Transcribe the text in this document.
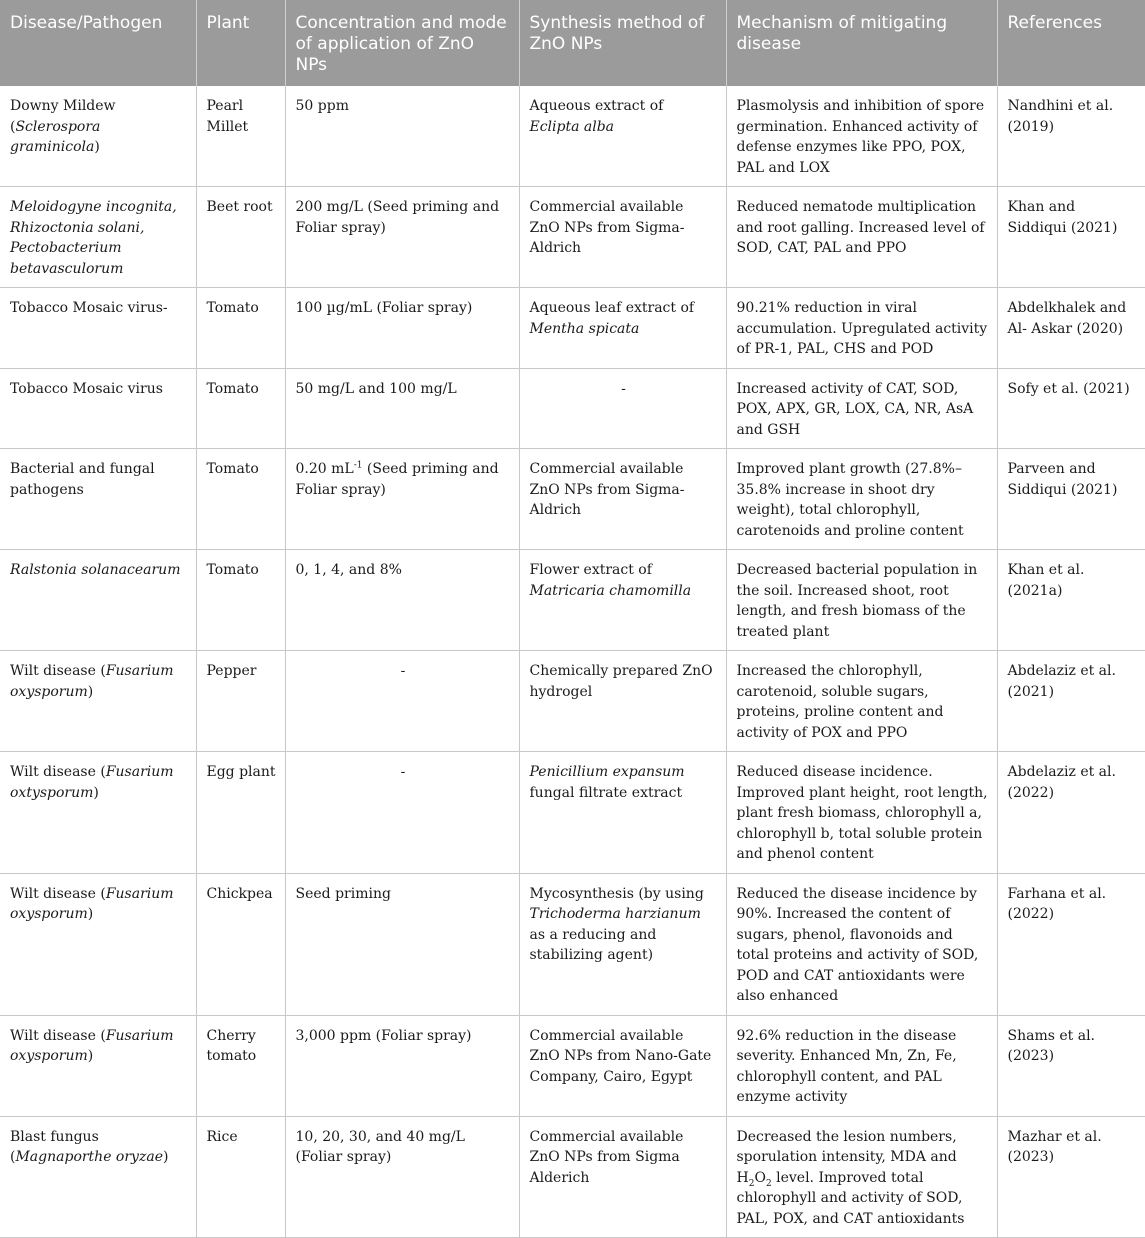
Disease/Pathogen	Plant	Concentration and mode of application of ZnO NPs	Synthesis method of ZnO NPs	Mechanism of mitigating disease	References
Downy Mildew (Sclerospora graminicola)	Pearl Millet	50 ppm	Aqueous extract of Eclipta alba	Plasmolysis and inhibition of spore germination. Enhanced activity of defense enzymes like PPO, POX, PAL and LOX	Nandhini et al. (2019)
Meloidogyne incognita, Rhizoctonia solani, Pectobacterium betavasculorum	Beet root	200 mg/L (Seed priming and Foliar spray)	Commercial available ZnO NPs from Sigma-Aldrich	Reduced nematode multiplication and root galling. Increased level of SOD, CAT, PAL and PPO	Khan and Siddiqui (2021)
Tobacco Mosaic virus-	Tomato	100 µg/mL (Foliar spray)	Aqueous leaf extract of Mentha spicata	90.21% reduction in viral accumulation. Upregulated activity of PR-1, PAL, CHS and POD	Abdelkhalek and Al- Askar (2020)
Tobacco Mosaic virus	Tomato	50 mg/L and 100 mg/L	-	Increased activity of CAT, SOD, POX, APX, GR, LOX, CA, NR, AsA and GSH	Sofy et al. (2021)
Bacterial and fungal pathogens	Tomato	0.20 $mL^{-1}$ (Seed priming and Foliar spray)	Commercial available ZnO NPs from Sigma-Aldrich	Improved plant growth (27.8%–35.8% increase in shoot dry weight), total chlorophyll, carotenoids and proline content	Parveen and Siddiqui (2021)
Ralstonia solanacearum	Tomato	0, 1, 4, and 8%	Flower extract of Matricaria chamomilla	Decreased bacterial population in the soil. Increased shoot, root length, and fresh biomass of the treated plant	Khan et al. (2021a)
Wilt disease (Fusarium oxysporum)	Pepper	-	Chemically prepared ZnO hydrogel	Increased the chlorophyll, carotenoid, soluble sugars, proteins, proline content and activity of POX and PPO	Abdelaziz et al. (2021)
Wilt disease (Fusarium oxtysporum)	Egg plant	-	Penicillium expansum fungal filtrate extract	Reduced disease incidence. Improved plant height, root length, plant fresh biomass, chlorophyll a, chlorophyll b, total soluble protein and phenol content	Abdelaziz et al. (2022)
Wilt disease (Fusarium oxysporum)	Chickpea	Seed priming	Mycosynthesis (by using Trichoderma harzianum as a reducing and stabilizing agent)	Reduced the disease incidence by 90%. Increased the content of sugars, phenol, flavonoids and total proteins and activity of SOD, POD and CAT antioxidants were also enhanced	Farhana et al. (2022)
Wilt disease (Fusarium oxysporum)	Cherry tomato	3,000 ppm (Foliar spray)	Commercial available ZnO NPs from Nano-Gate Company, Cairo, Egypt	92.6% reduction in the disease severity. Enhanced Mn, Zn, Fe, chlorophyll content, and PAL enzyme activity	Shams et al. (2023)
Blast fungus (Magnaporthe oryzae)	Rice	10, 20, 30, and 40 mg/L (Foliar spray)	Commercial available ZnO NPs from Sigma Alderich	Decreased the lesion numbers, sporulation intensity, MDA and $H_2O_2$ level. Improved total chlorophyll and activity of SOD, PAL, POX, and CAT antioxidants	Mazhar et al. (2023)
